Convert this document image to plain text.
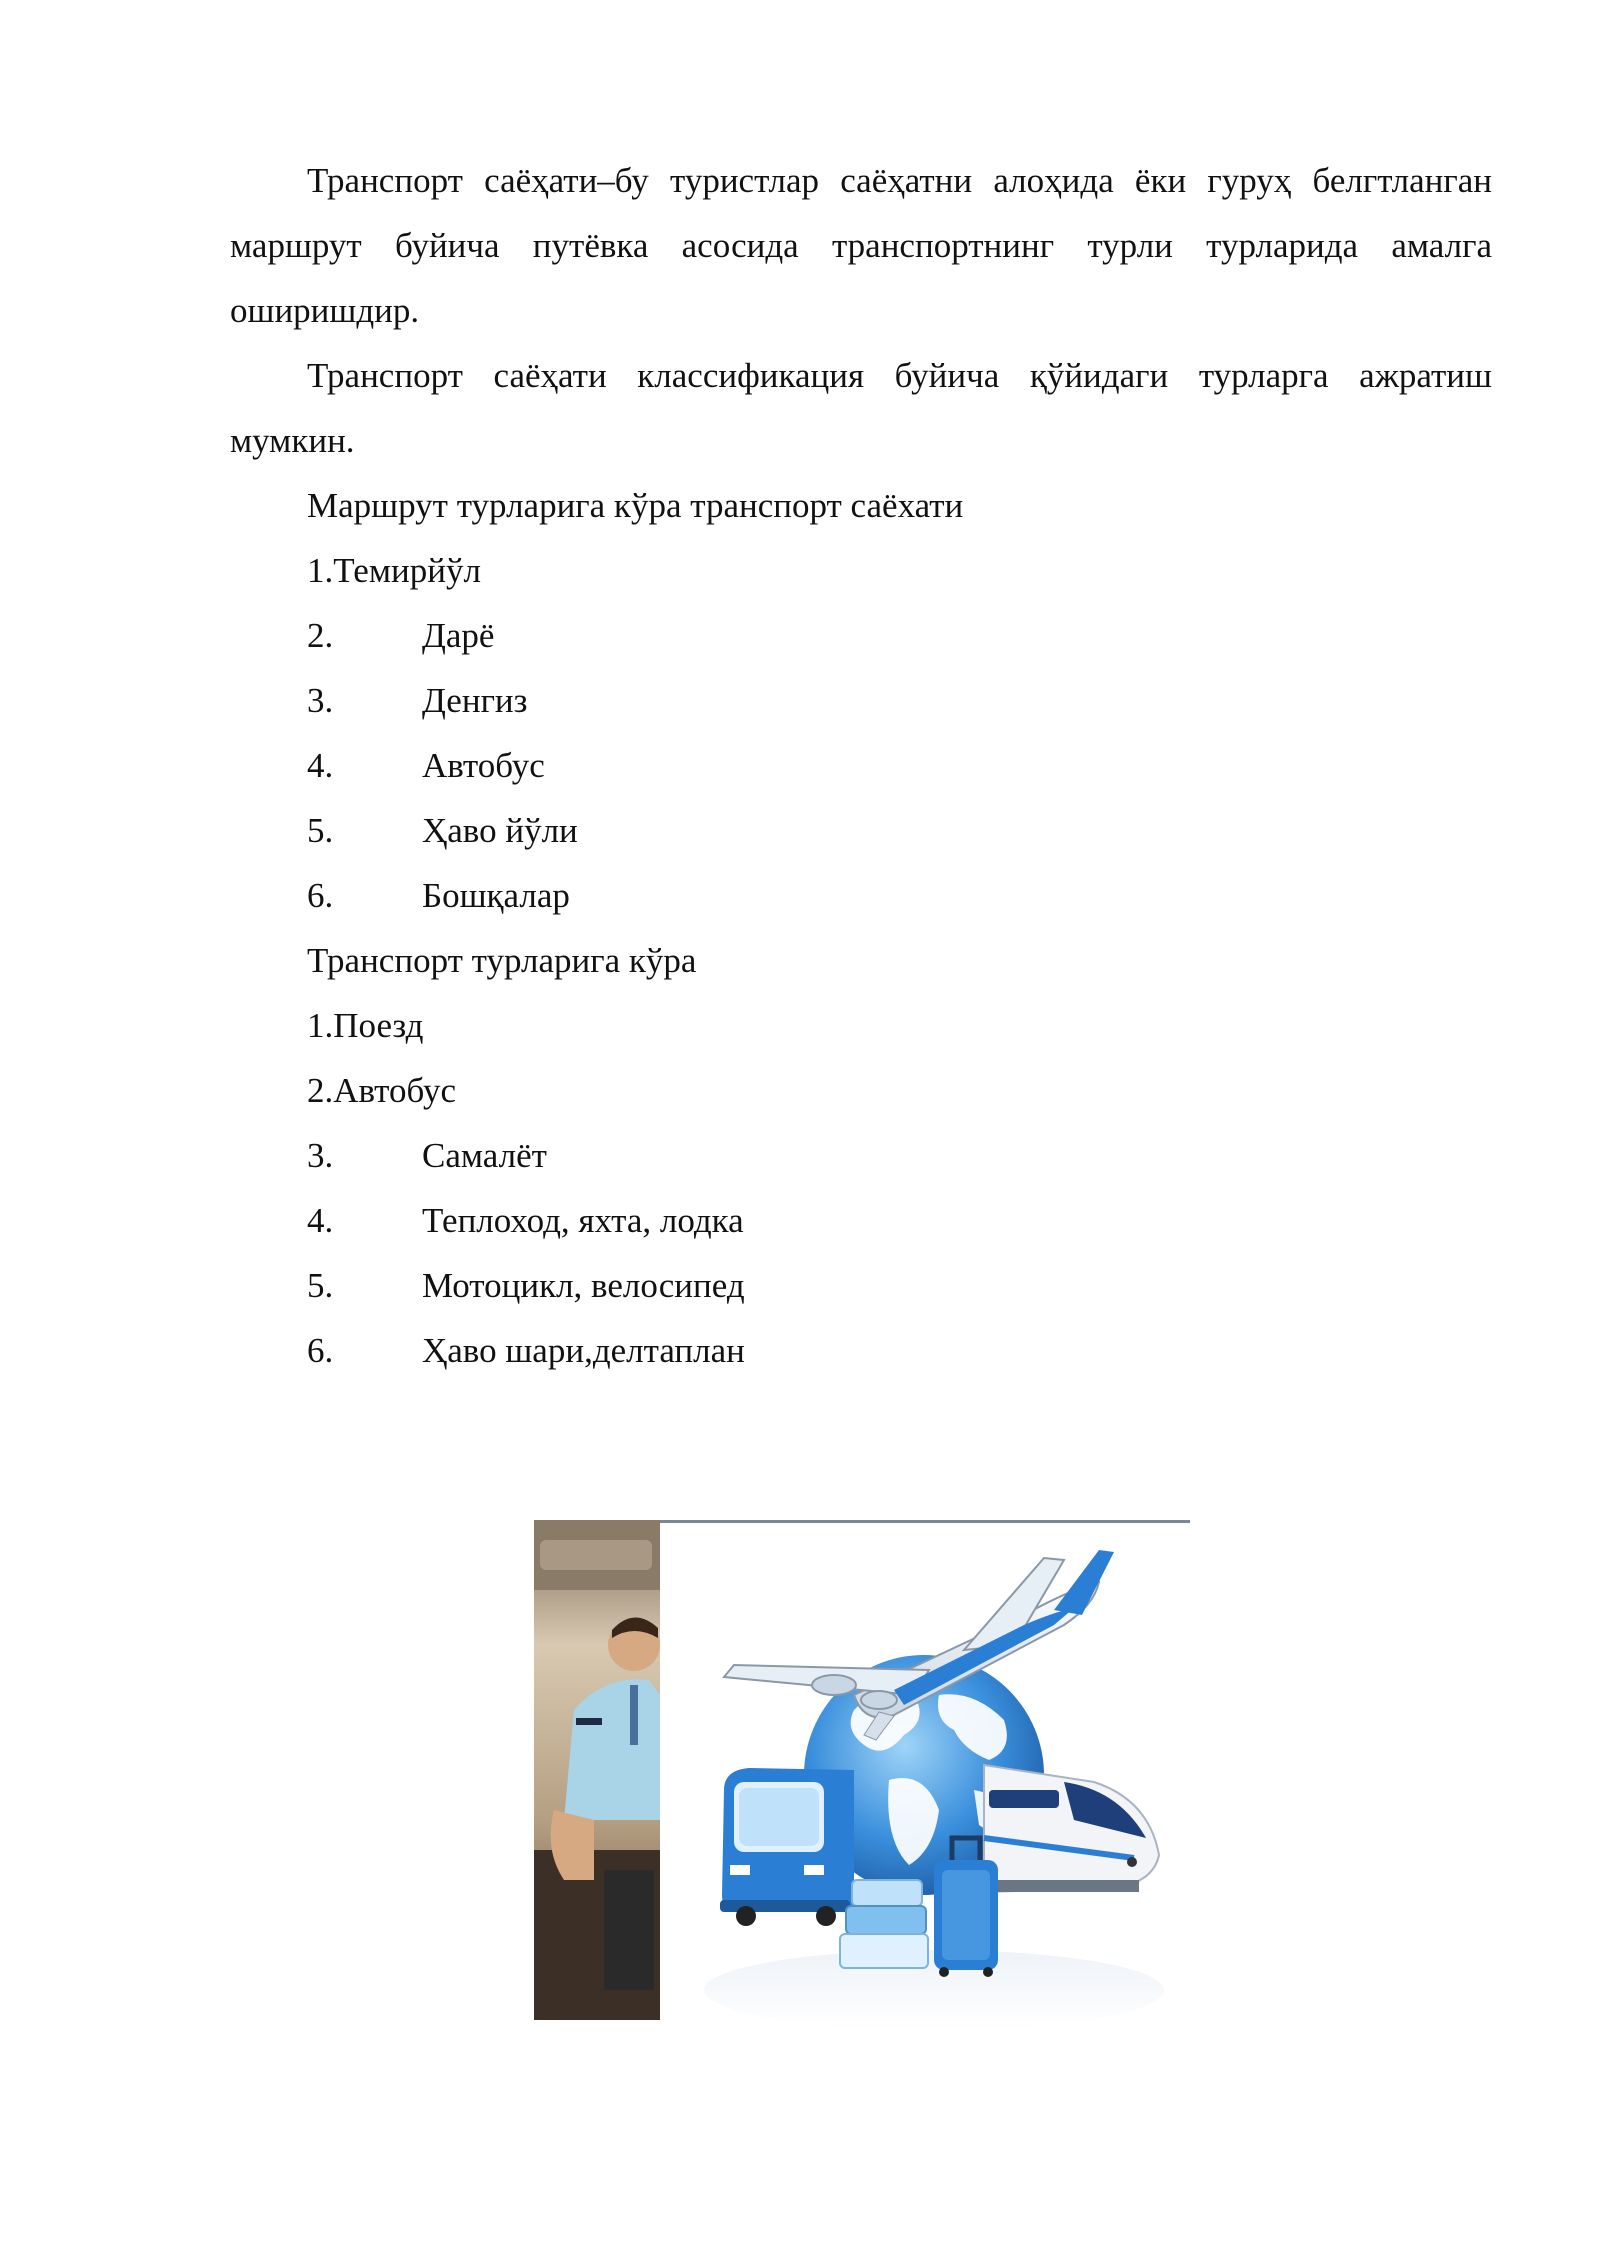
Транспорт саёҳати–бу туристлар саёҳатни алоҳида ёки гуруҳ белгтланган маршрут буйича путёвка асосида транспортнинг турли турларида амалга оширишдир.

Транспорт саёҳати классификация буйича қўйидаги турларга ажратиш мумкин.

Маршрут турларига кўра транспорт саёхати

1.Темирйўл

2.	Дарё

3.	Денгиз

4.	Автобус

5.	Ҳаво йўли

6.	Бошқалар

Транспорт турларига кўра

1.Поезд

2.Автобус

3.	Самалёт

4.	Теплоход, яхта, лодка

5.	Мотоцикл, велосипед

6.	Ҳаво шари,делтаплан
